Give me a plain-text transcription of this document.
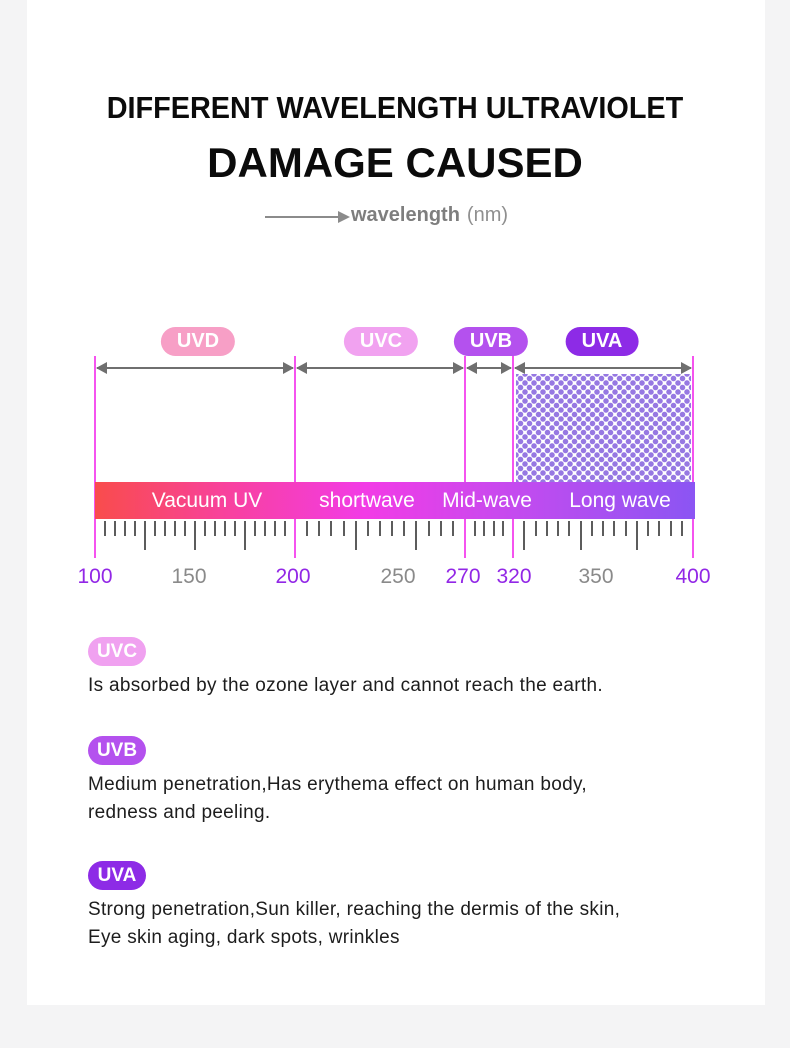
DIFFERENT WAVELENGTH ULTRAVIOLET
DAMAGE CAUSED
wavelength (nm)
UVD	UVC	UVB	UVA
Vacuum UV	shortwave Mid-wave Long wave
100	150	200	250 270 320 350	400
UVC
Is absorbed by the ozone layer and cannot reach the earth.
UVB
Medium penetration,Has erythema effect on human body,
redness and peeling.
UVA
Strong penetration,Sun killer, reaching the dermis of the skin,
Eye skin aging, dark spots, wrinkles
